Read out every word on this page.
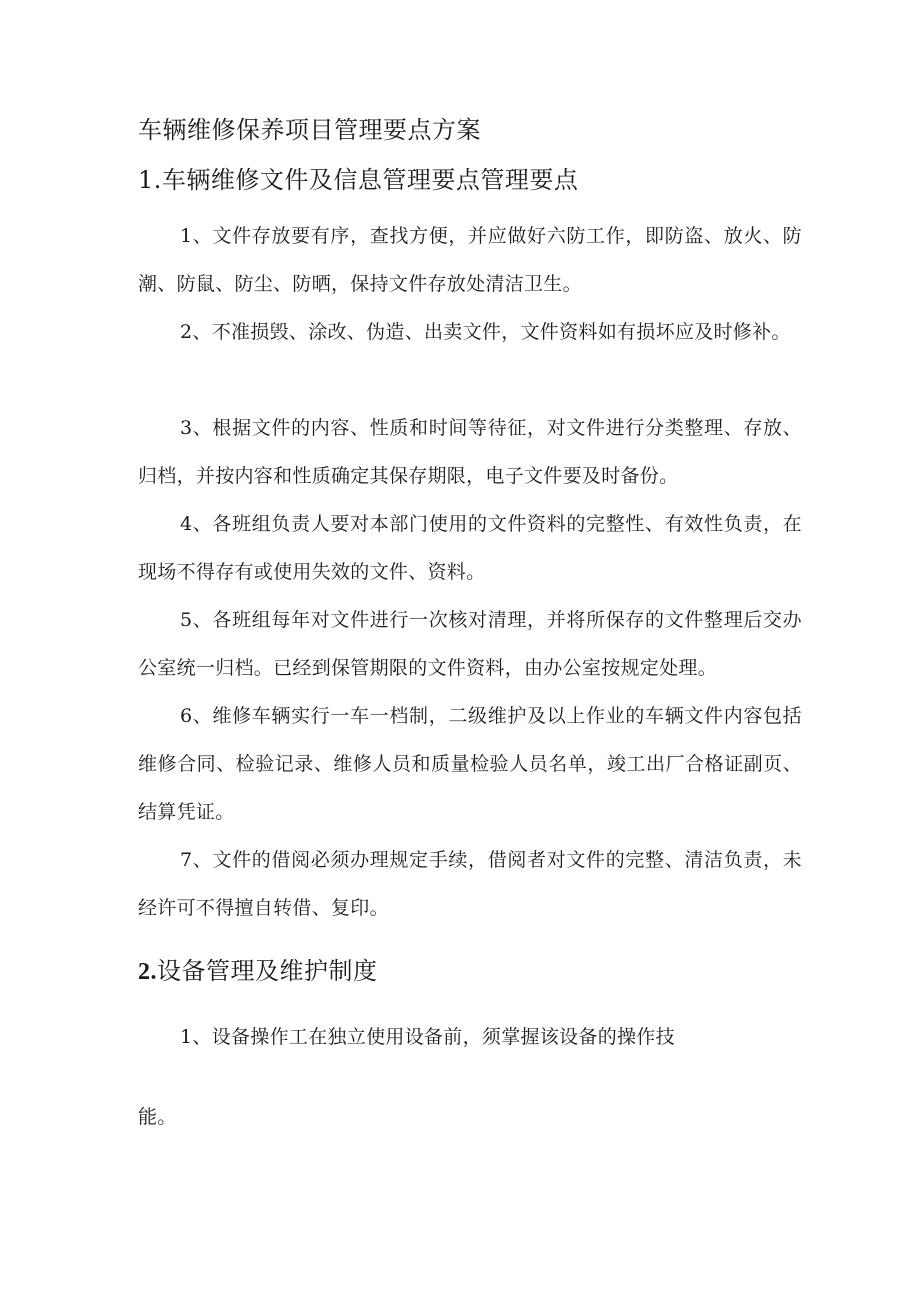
车辆维修保养项目管理要点方案
1.车辆维修文件及信息管理要点管理要点
1、文件存放要有序，查找方便，并应做好六防工作，即防盗、放火、防潮、防鼠、防尘、防晒，保持文件存放处清洁卫生。
2、不准损毁、涂改、伪造、出卖文件，文件资料如有损坏应及时修补。
3、根据文件的内容、性质和时间等待征，对文件进行分类整理、存放、归档，并按内容和性质确定其保存期限，电子文件要及时备份。
4、各班组负责人要对本部门使用的文件资料的完整性、有效性负责，在现场不得存有或使用失效的文件、资料。
5、各班组每年对文件进行一次核对清理，并将所保存的文件整理后交办公室统一归档。已经到保管期限的文件资料，由办公室按规定处理。
6、维修车辆实行一车一档制，二级维护及以上作业的车辆文件内容包括维修合同、检验记录、维修人员和质量检验人员名单，竣工出厂合格证副页、结算凭证。
7、文件的借阅必须办理规定手续，借阅者对文件的完整、清洁负责，未经许可不得擅自转借、复印。
2.设备管理及维护制度
1、设备操作工在独立使用设备前，须掌握该设备的操作技
能。
